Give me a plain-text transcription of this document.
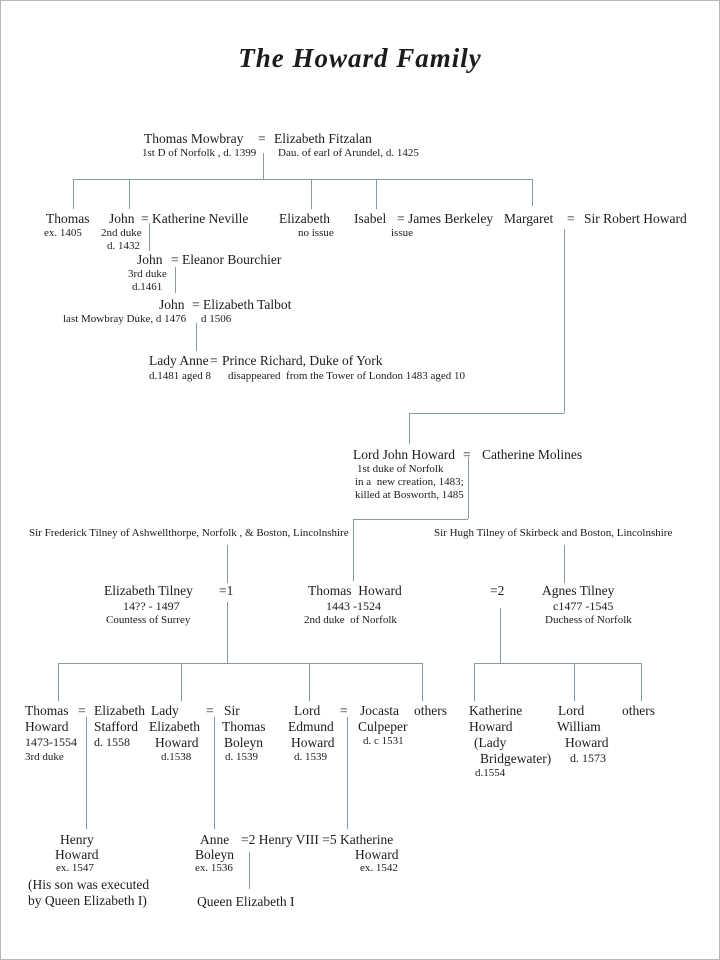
The Howard Family
Thomas Mowbray = Elizabeth Fitzalan
1st D of Norfolk , d. 1399 Dau. of earl of Arundel, d. 1425
Thomas
ex. 1405
John = Katherine Neville
2nd duke
d. 1432
Elizabeth
no issue
Isabel = James Berkeley
issue
Margaret = Sir Robert Howard
John = Eleanor Bourchier
3rd duke
d.1461
John = Elizabeth Talbot
last Mowbray Duke, d 1476 d 1506
Lady Anne = Prince Richard, Duke of York
d.1481 aged 8 disappeared  from the Tower of London 1483 aged 10
Lord John Howard = Catherine Molines
1st duke of Norfolk
in a  new creation, 1483;
killed at Bosworth, 1485
Sir Frederick Tilney of Ashwellthorpe, Norfolk , & Boston, Lincolnshire	Sir Hugh Tilney of Skirbeck and Boston, Lincolnshire
Elizabeth Tilney
14?? - 1497
Countess of Surrey
=1	Thomas  Howard
1443 -1524
2nd duke  of Norfolk
=2	Agnes Tilney
c1477 -1545
Duchess of Norfolk
Thomas
Howard
1473-1554
3rd duke
= Elizabeth
Stafford
d. 1558
Lady
Elizabeth
Howard
d.1538
= Sir
Thomas
Boleyn
d. 1539
Lord
Edmund
Howard
d. 1539
= Jocasta
Culpeper
d. c 1531
others Katherine
Howard
(Lady
Bridgewater)
d.1554
Lord
William
Howard
d. 1573
others
Henry
Howard
ex. 1547
(His son was executed
by Queen Elizabeth I)
Anne
Boleyn
ex. 1536
=2 Henry VIII =5 Katherine
Howard
ex. 1542
Queen Elizabeth I
